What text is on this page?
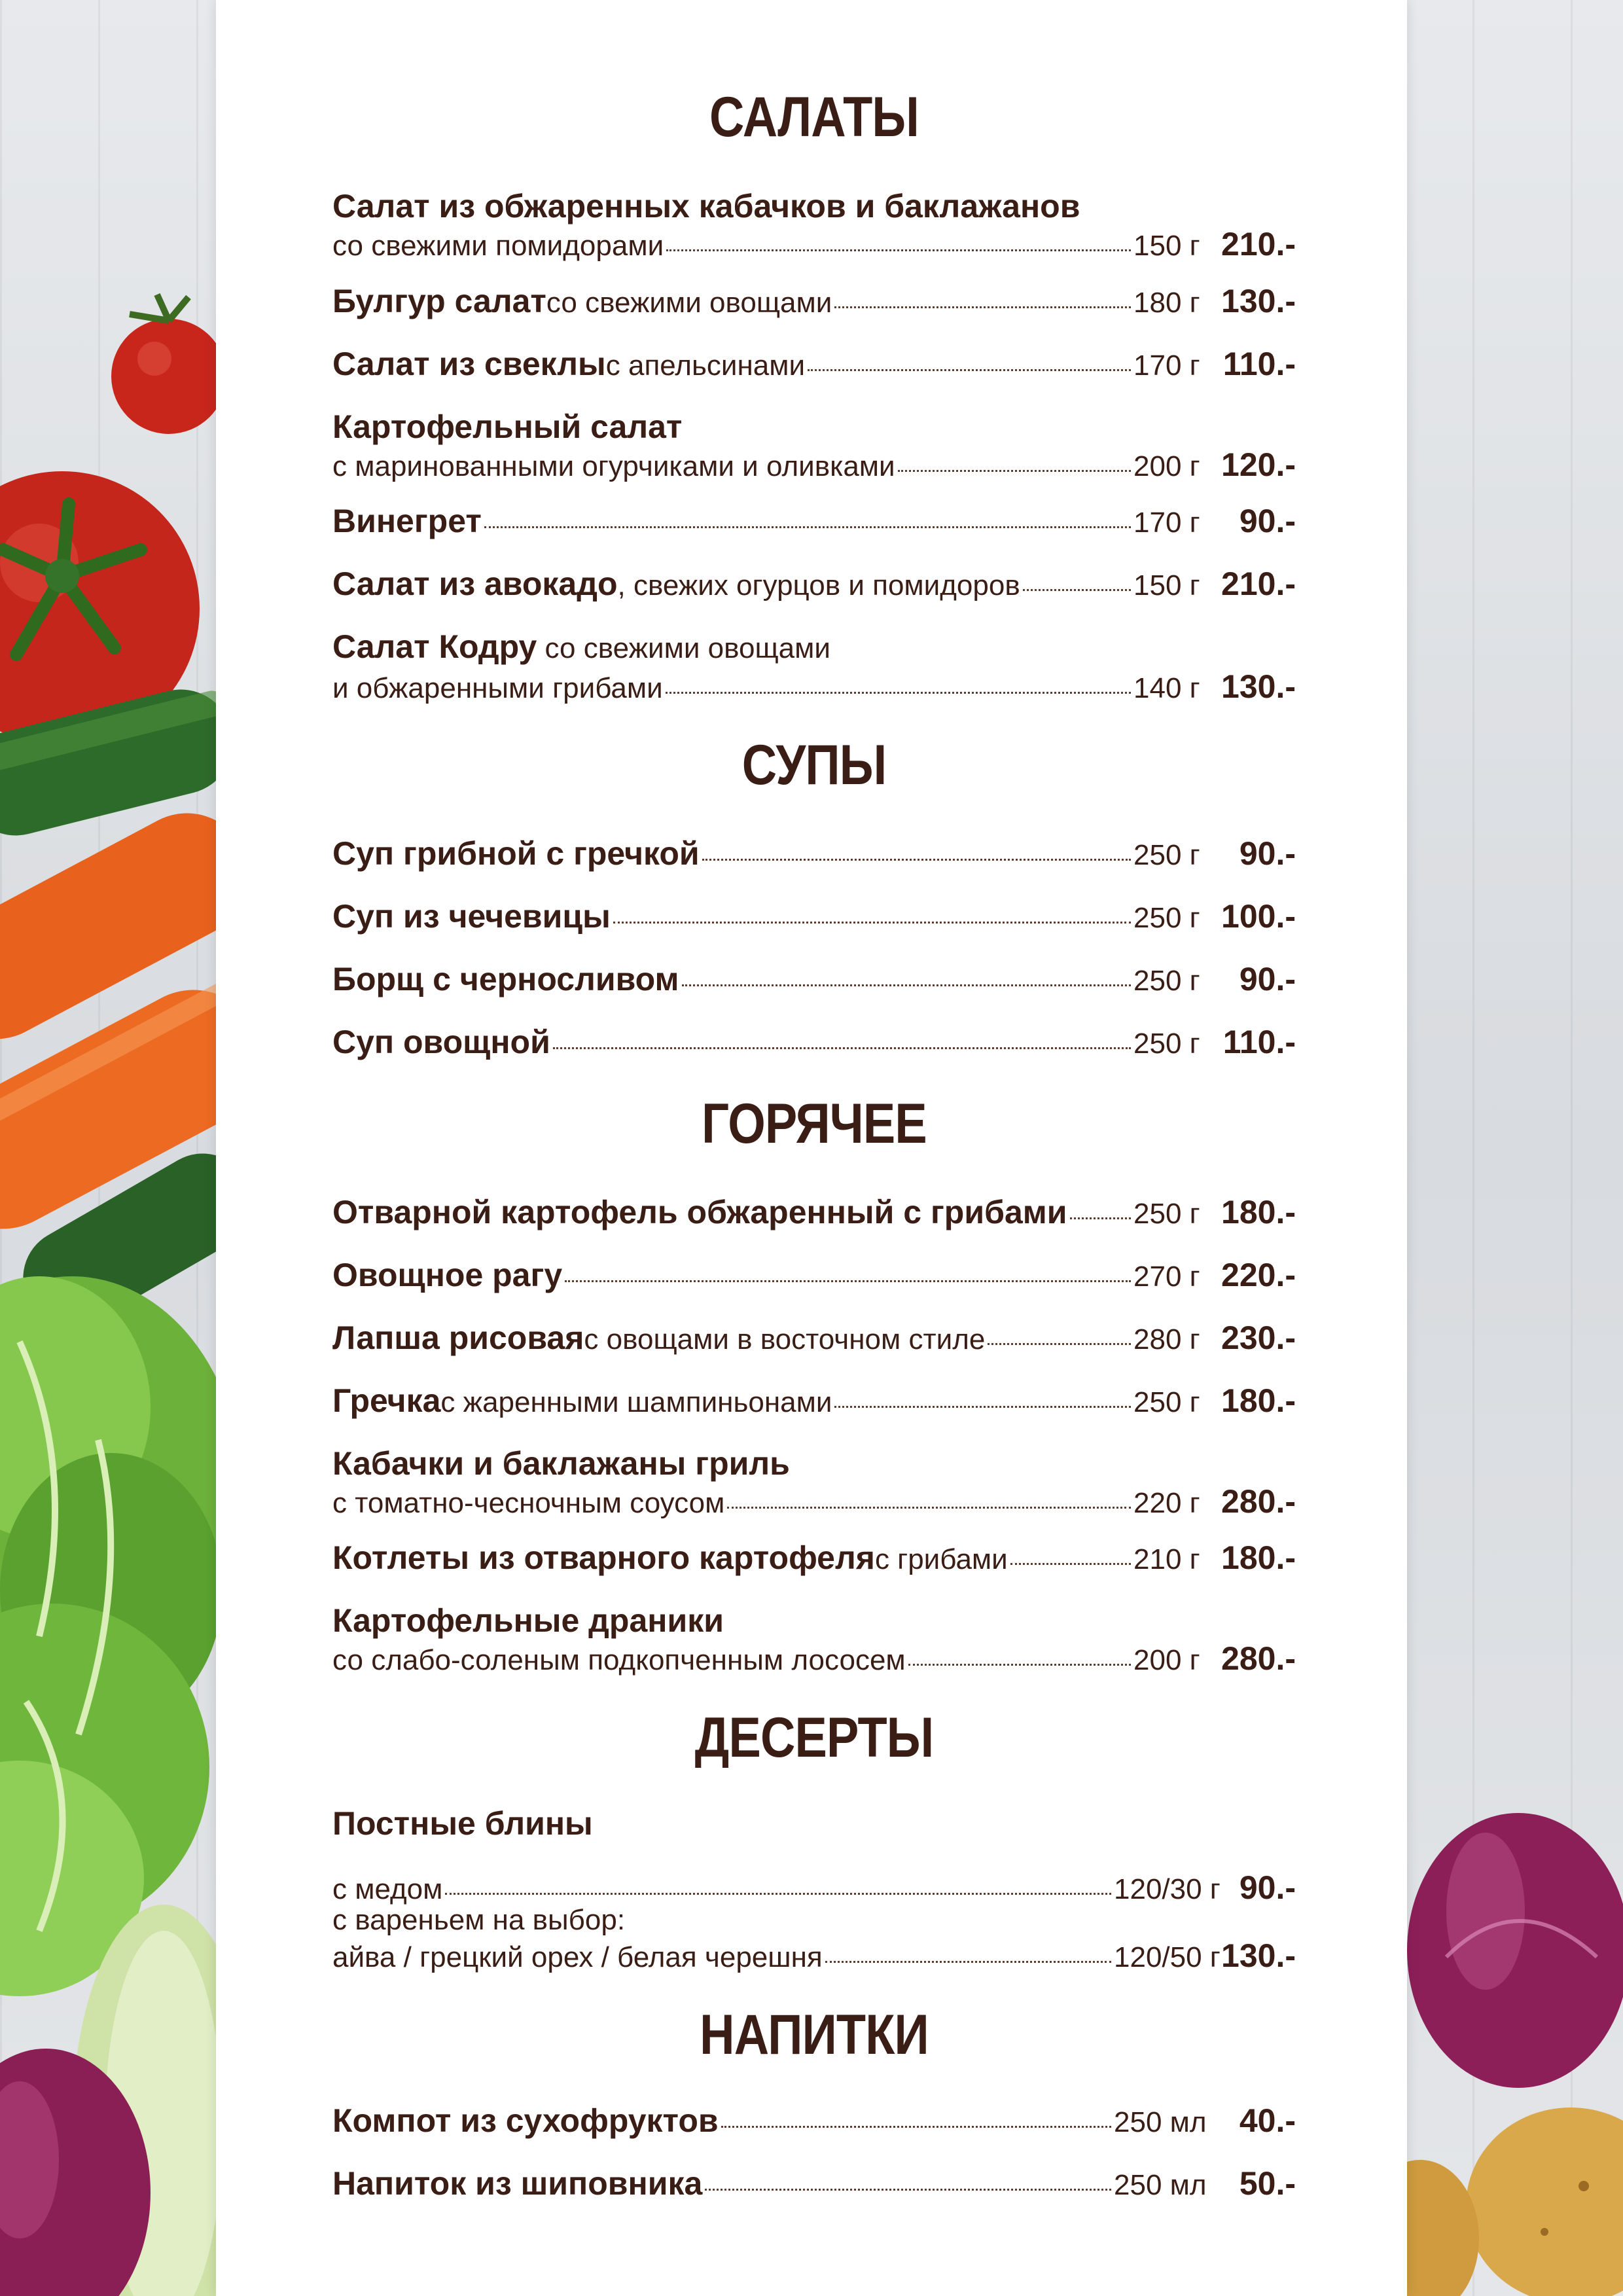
САЛАТЫ
Салат из обжаренных кабачков и баклажанов
со свежими помидорами	150 г 210.-
Булгур салат со свежими овощами	180 г 130.-
Салат из свеклы с апельсинами	170 г 110.-
Картофельный салат
с маринованными огурчиками и оливками	200 г 120.-
Винегрет	170 г	90.-
Салат из авокадо , свежих огурцов и помидоров	150 г 210.-
Салат Кодру со свежими овощами
и обжаренными грибами	140 г 130.-
СУПЫ
Суп грибной с гречкой	250 г	90.-
Суп из чечевицы	250 г 100.-
Борщ с черносливом	250 г	90.-
Суп овощной	250 г 110.-
ГОРЯЧЕЕ
Отварной картофель обжаренный с грибами 250 г 180.-
Овощное рагу	270 г 220.-
Лапша рисовая с овощами в восточном стиле	280 г 230.-
Гречка с жаренными шампиньонами	250 г 180.-
Кабачки и баклажаны гриль
с томатно-чесночным соусом	220 г 280.-
Котлеты из отварного картофеля с грибами	210 г 180.-
Картофельные драники
со слабо-соленым подкопченным лососем	200 г 280.-
ДЕСЕРТЫ
Постные блины
с медом	120/30 г 90.-
с вареньем на выбор:
айва / грецкий орех / белая черешня	120/50 г 130.-
НАПИТКИ
Компот из сухофруктов	250 мл	40.-
Напиток из шиповника	250 мл	50.-
